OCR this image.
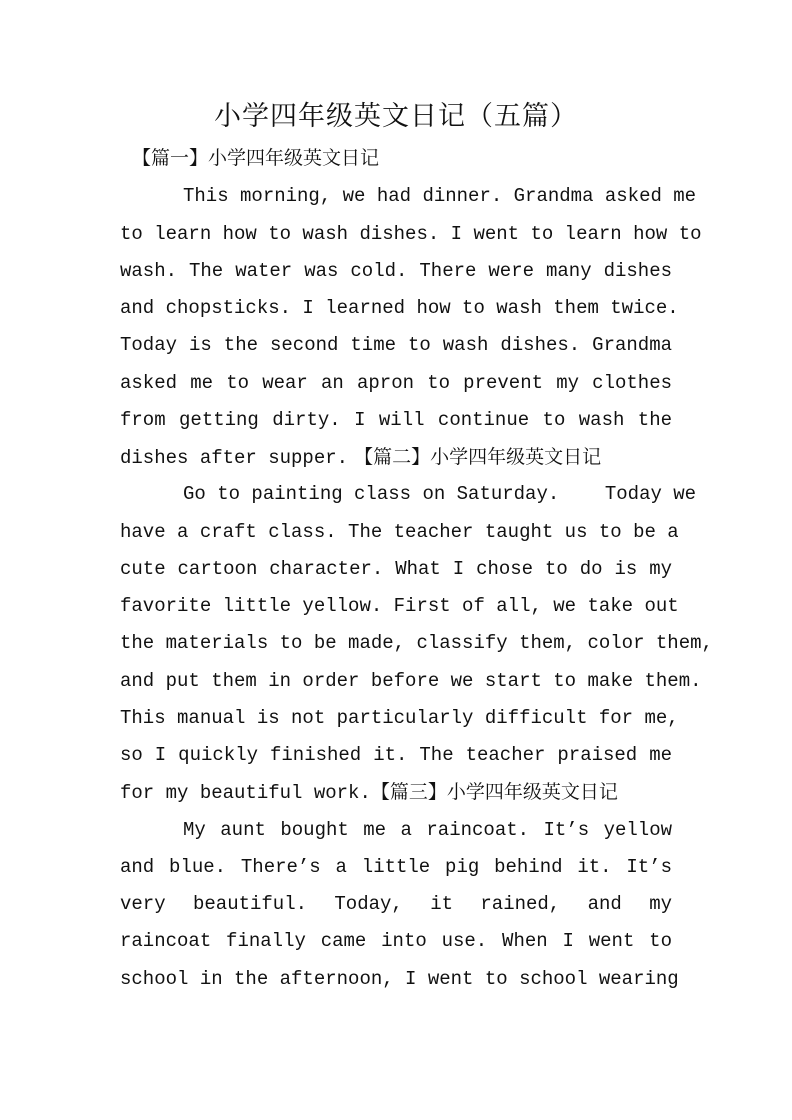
小学四年级英文日记（五篇）
【篇一】小学四年级英文日记
This morning, we had dinner. Grandma asked me
to learn how to wash dishes. I went to learn how to
wash. The water was cold. There were many dishes
and chopsticks. I learned how to wash them twice.
Today is the second time to wash dishes. Grandma
asked me to wear an apron to prevent my clothes
from getting dirty. I will continue to wash the
dishes after supper. 【篇二】小学四年级英文日记
Go to painting class on Saturday.    Today we
have a craft class. The teacher taught us to be a
cute cartoon character. What I chose to do is my
favorite little yellow. First of all, we take out
the materials to be made, classify them, color them,
and put them in order before we start to make them.
This manual is not particularly difficult for me,
so I quickly finished it. The teacher praised me
for my beautiful work.【篇三】小学四年级英文日记
My aunt bought me a raincoat. It’s yellow
and blue. There’s a little pig behind it. It’s
very beautiful. Today, it rained, and my
raincoat finally came into use. When I went to
school in the afternoon, I went to school wearing
